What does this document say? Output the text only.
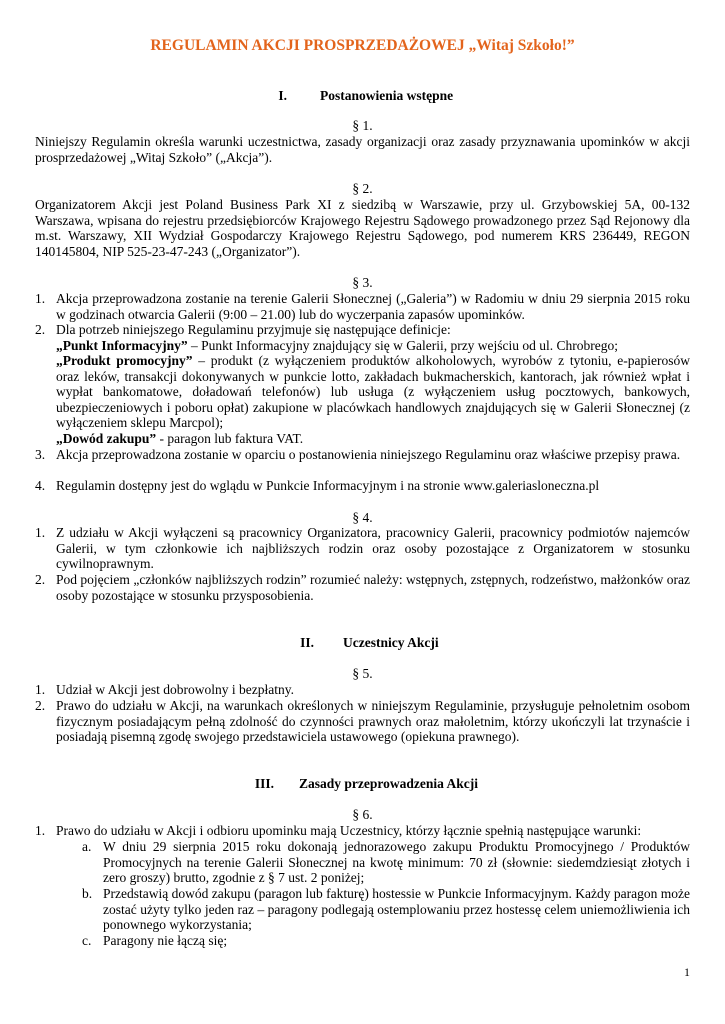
REGULAMIN AKCJI PROSPRZEDAŻOWEJ „Witaj Szkoło!”
I. Postanowienia wstępne
§ 1.
Niniejszy Regulamin określa warunki uczestnictwa, zasady organizacji oraz zasady przyznawania upominków w akcji prosprzedażowej „Witaj Szkoło” („Akcja”).
§ 2.
Organizatorem Akcji jest Poland Business Park XI z siedzibą w Warszawie, przy ul. Grzybowskiej 5A, 00-132 Warszawa, wpisana do rejestru przedsiębiorców Krajowego Rejestru Sądowego prowadzonego przez Sąd Rejonowy dla m.st. Warszawy, XII Wydział Gospodarczy Krajowego Rejestru Sądowego, pod numerem KRS 236449, REGON 140145804, NIP 525-23-47-243 („Organizator”).
§ 3.
1. Akcja przeprowadzona zostanie na terenie Galerii Słonecznej („Galeria”) w Radomiu w dniu 29 sierpnia 2015 roku w godzinach otwarcia Galerii (9:00 – 21.00) lub do wyczerpania zapasów upominków.
2. Dla potrzeb niniejszego Regulaminu przyjmuje się następujące definicje:
„Punkt Informacyjny” – Punkt Informacyjny znajdujący się w Galerii, przy wejściu od ul. Chrobrego;
„Produkt promocyjny” – produkt (z wyłączeniem produktów alkoholowych, wyrobów z tytoniu, e-papierosów oraz leków, transakcji dokonywanych w punkcie lotto, zakładach bukmacherskich, kantorach, jak również wpłat i wypłat bankomatowe, doładowań telefonów) lub usługa (z wyłączeniem usług pocztowych, bankowych, ubezpieczeniowych i poboru opłat) zakupione w placówkach handlowych znajdujących się w Galerii Słonecznej (z wyłączeniem sklepu Marcpol);
„Dowód zakupu” - paragon lub faktura VAT.
3. Akcja przeprowadzona zostanie w oparciu o postanowienia niniejszego Regulaminu oraz właściwe przepisy prawa.
4. Regulamin dostępny jest do wglądu w Punkcie Informacyjnym i na stronie www.galeriasloneczna.pl
§ 4.
1. Z udziału w Akcji wyłączeni są pracownicy Organizatora, pracownicy Galerii, pracownicy podmiotów najemców Galerii, w tym członkowie ich najbliższych rodzin oraz osoby pozostające z Organizatorem w stosunku cywilnoprawnym.
2. Pod pojęciem „członków najbliższych rodzin” rozumieć należy: wstępnych, zstępnych, rodzeństwo, małżonków oraz osoby pozostające w stosunku przysposobienia.
II. Uczestnicy Akcji
§ 5.
1. Udział w Akcji jest dobrowolny i bezpłatny.
2. Prawo do udziału w Akcji, na warunkach określonych w niniejszym Regulaminie, przysługuje pełnoletnim osobom fizycznym posiadającym pełną zdolność do czynności prawnych oraz małoletnim, którzy ukończyli lat trzynaście i posiadają pisemną zgodę swojego przedstawiciela ustawowego (opiekuna prawnego).
III. Zasady przeprowadzenia Akcji
§ 6.
1. Prawo do udziału w Akcji i odbioru upominku mają Uczestnicy, którzy łącznie spełnią następujące warunki:
a. W dniu 29 sierpnia 2015 roku dokonają jednorazowego zakupu Produktu Promocyjnego / Produktów Promocyjnych na terenie Galerii Słonecznej na kwotę minimum: 70 zł (słownie: siedemdziesiąt złotych i zero groszy) brutto, zgodnie z § 7 ust. 2 poniżej;
b. Przedstawią dowód zakupu (paragon lub fakturę) hostessie w Punkcie Informacyjnym. Każdy paragon może zostać użyty tylko jeden raz – paragony podlegają ostemplowaniu przez hostessę celem uniemożliwienia ich ponownego wykorzystania;
c. Paragony nie łączą się;
1
